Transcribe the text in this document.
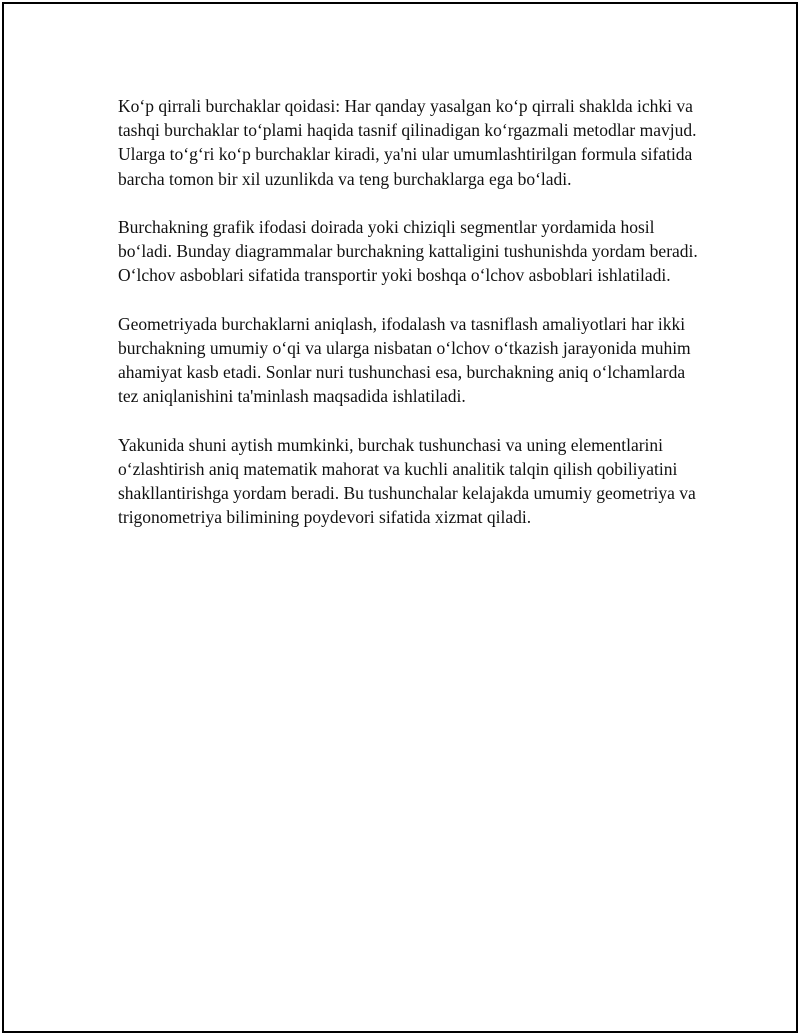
Ko‘p qirrali burchaklar qoidasi: Har qanday yasalgan ko‘p qirrali shaklda ichki va tashqi burchaklar to‘plami haqida tasnif qilinadigan ko‘rgazmali metodlar mavjud. Ularga to‘g‘ri ko‘p burchaklar kiradi, ya'ni ular umumlashtirilgan formula sifatida barcha tomon bir xil uzunlikda va teng burchaklarga ega bo‘ladi.

Burchakning grafik ifodasi doirada yoki chiziqli segmentlar yordamida hosil bo‘ladi. Bunday diagrammalar burchakning kattaligini tushunishda yordam beradi. O‘lchov asboblari sifatida transportir yoki boshqa o‘lchov asboblari ishlatiladi.

Geometriyada burchaklarni aniqlash, ifodalash va tasniflash amaliyotlari har ikki burchakning umumiy o‘qi va ularga nisbatan o‘lchov o‘tkazish jarayonida muhim ahamiyat kasb etadi. Sonlar nuri tushunchasi esa, burchakning aniq o‘lchamlarda tez aniqlanishini ta'minlash maqsadida ishlatiladi.

Yakunida shuni aytish mumkinki, burchak tushunchasi va uning elementlarini o‘zlashtirish aniq matematik mahorat va kuchli analitik talqin qilish qobiliyatini shakllantirishga yordam beradi. Bu tushunchalar kelajakda umumiy geometriya va trigonometriya bilimining poydevori sifatida xizmat qiladi.
